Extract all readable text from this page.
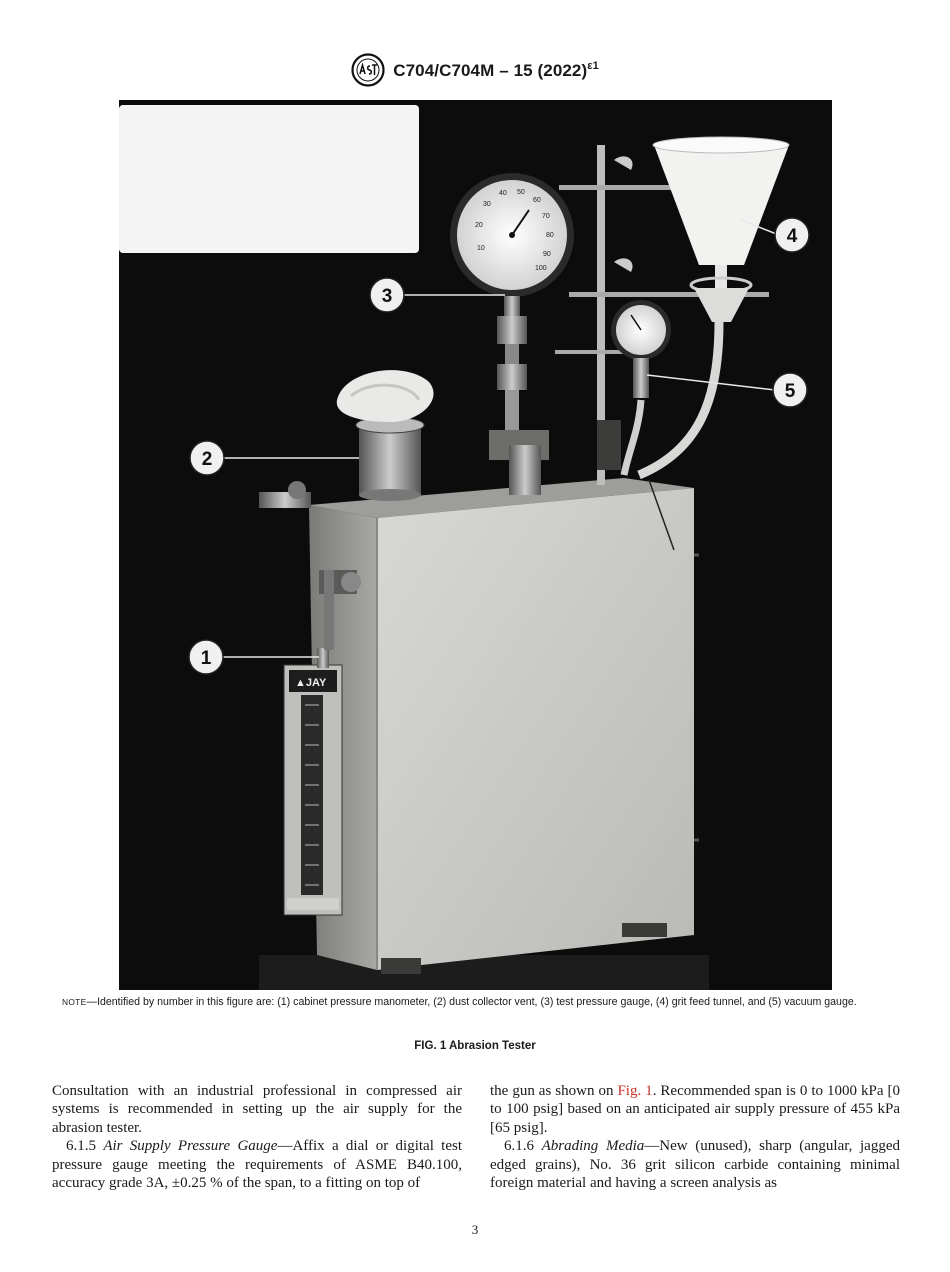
C704/C704M – 15 $(2022)^{\varepsilon 1}$
▲JAY
10
20
30
40 50
60
70
80
90
100
1
2
3
4
5
NOTE—Identified by number in this figure are: (1) cabinet pressure manometer, (2) dust collector vent, (3) test pressure gauge, (4) grit feed tunnel, and (5) vacuum gauge.
FIG. 1 Abrasion Tester

Consultation with an industrial professional in compressed air systems is recommended in setting up the air supply for the abrasion tester.

6.1.5 Air Supply Pressure Gauge—Affix a dial or digital test pressure gauge meeting the requirements of ASME B40.100, accuracy grade 3A, ±0.25 % of the span, to a fitting on top of

the gun as shown on Fig. 1. Recommended span is 0 to 1000 kPa [0 to 100 psig] based on an anticipated air supply pressure of 455 kPa [65 psig].

6.1.6 Abrading Media—New (unused), sharp (angular, jagged edged grains), No. 36 grit silicon carbide containing minimal foreign material and having a screen analysis as

3
